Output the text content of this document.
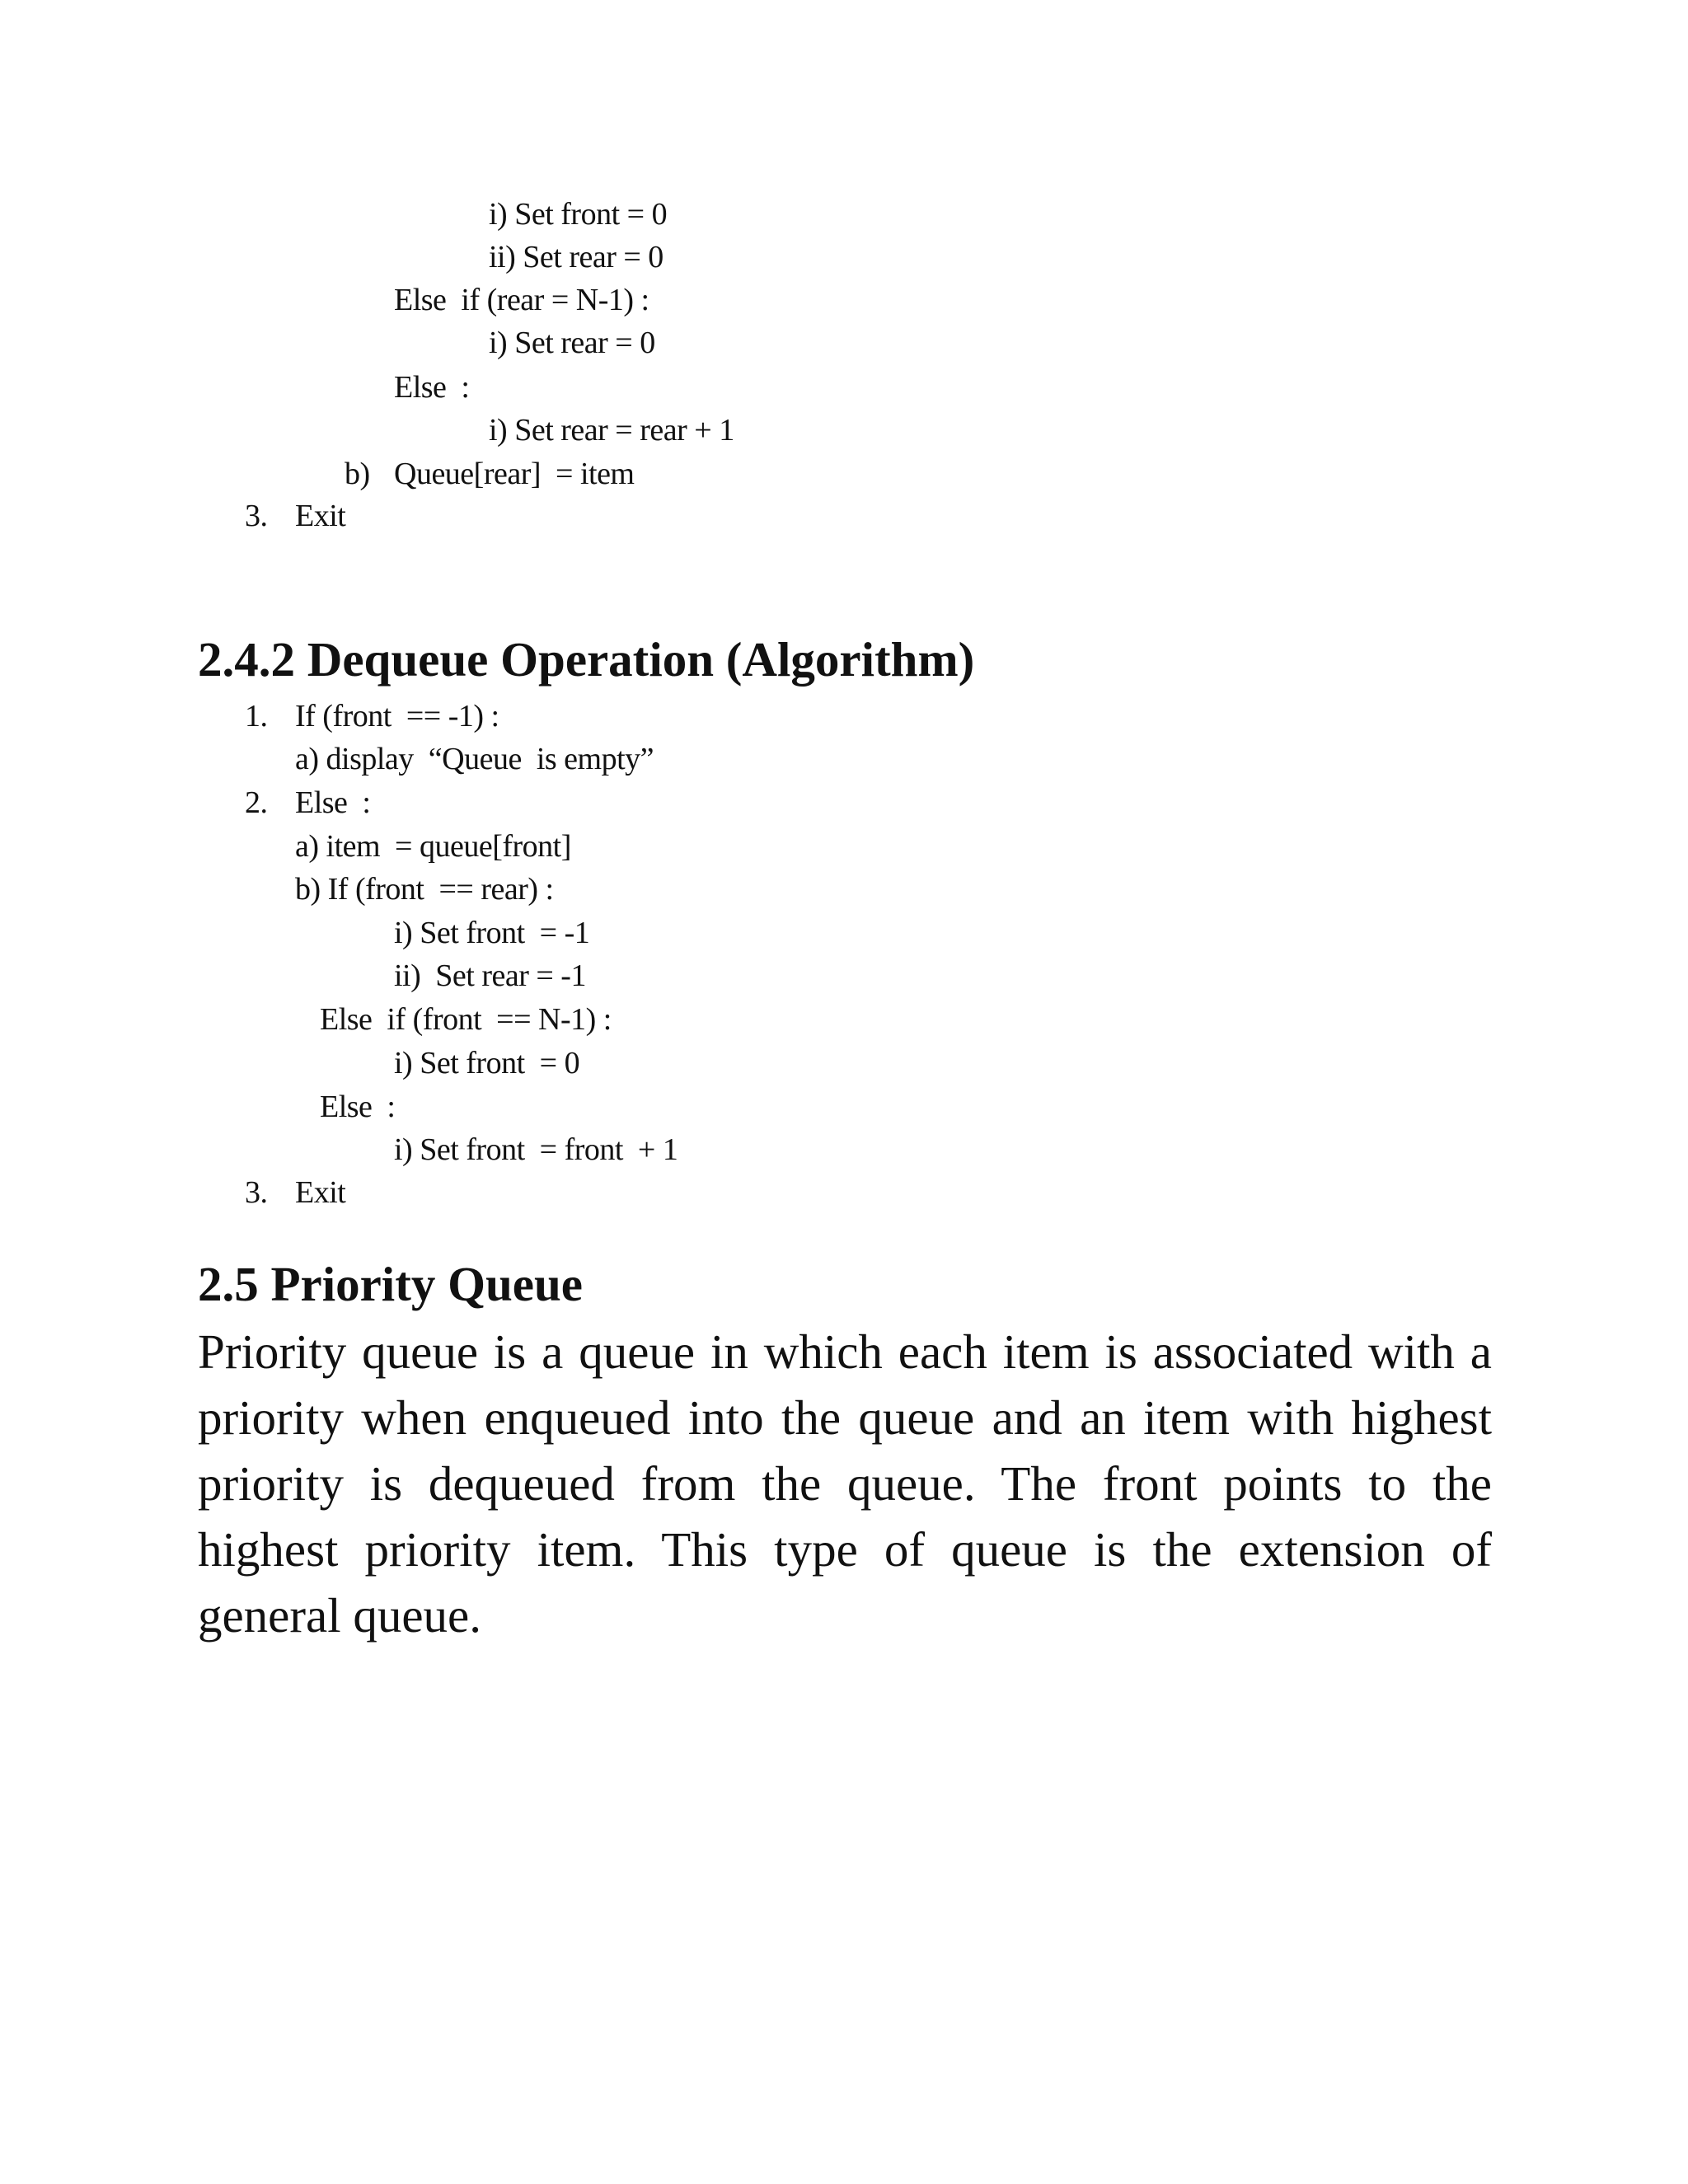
i) Set front = 0
ii) Set rear = 0
Else  if (rear = N-1) :
i) Set rear = 0
Else  :
i) Set rear = rear + 1
b) Queue[rear]  = item
3. Exit
2.4.2 Dequeue Operation (Algorithm)
1. If (front  == -1) :
a) display  “Queue  is empty”
2. Else  :
a) item  = queue[front]
b) If (front  == rear) :
i) Set front  = -1
ii)  Set rear = -1
Else  if (front  == N-1) :
i) Set front  = 0
Else  :
i) Set front  = front  + 1
3. Exit
2.5 Priority Queue

Priority queue is a queue in which each item is associated with a priority when enqueued into the queue and an item with highest priority is dequeued from the queue. The front points to the highest priority item. This type of queue is the extension of general queue.
